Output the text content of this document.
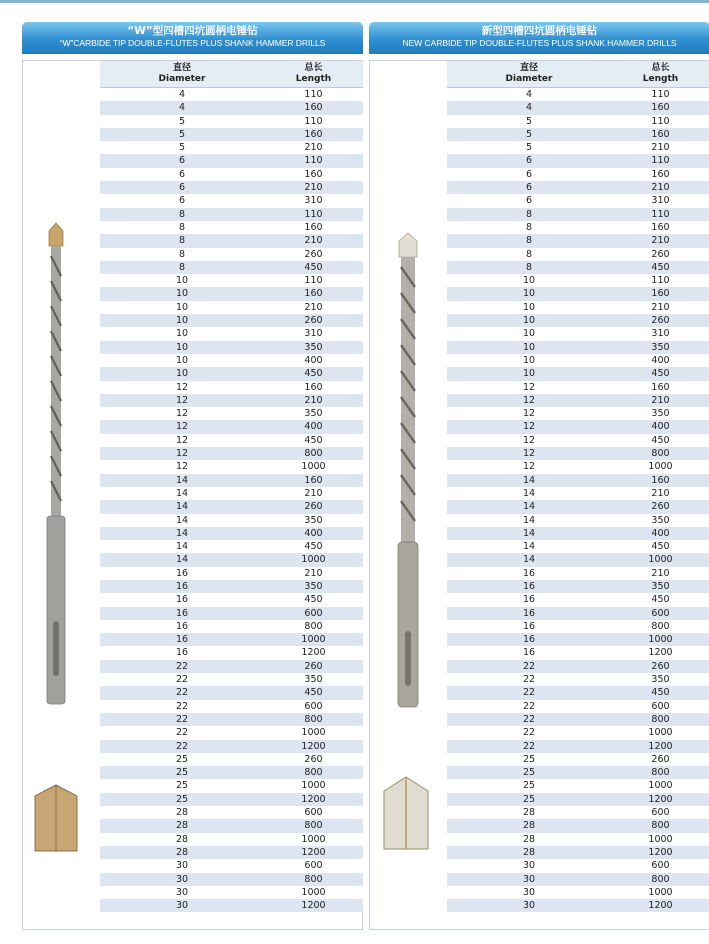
“W”型四槽四坑圆柄电锤钻
“W”CARBIDE TIP DOUBLE-FLUTES PLUS SHANK HAMMER DRILLS
直径
Diameter
总长
Length
4	110
4	160
5	110
5	160
5	210
6	110
6	160
6	210
6	310
8	110
8	160
8	210
8	260
8	450
10	110
10	160
10	210
10	260
10	310
10	350
10	400
10	450
12	160
12	210
12	350
12	400
12	450
12	800
12	1000
14	160
14	210
14	260
14	350
14	400
14	450
14	1000
16	210
16	350
16	450
16	600
16	800
16	1000
16	1200
22	260
22	350
22	450
22	600
22	800
22	1000
22	1200
25	260
25	800
25	1000
25	1200
28	600
28	800
28	1000
28	1200
30	600
30	800
30	1000
30	1200
新型四槽四坑圆柄电锤钻
NEW CARBIDE TIP DOUBLE-FLUTES PLUS SHANK HAMMER DRILLS
直径
Diameter
总长
Length
4	110
4	160
5	110
5	160
5	210
6	110
6	160
6	210
6	310
8	110
8	160
8	210
8	260
8	450
10	110
10	160
10	210
10	260
10	310
10	350
10	400
10	450
12	160
12	210
12	350
12	400
12	450
12	800
12	1000
14	160
14	210
14	260
14	350
14	400
14	450
14	1000
16	210
16	350
16	450
16	600
16	800
16	1000
16	1200
22	260
22	350
22	450
22	600
22	800
22	1000
22	1200
25	260
25	800
25	1000
25	1200
28	600
28	800
28	1000
28	1200
30	600
30	800
30	1000
30	1200
